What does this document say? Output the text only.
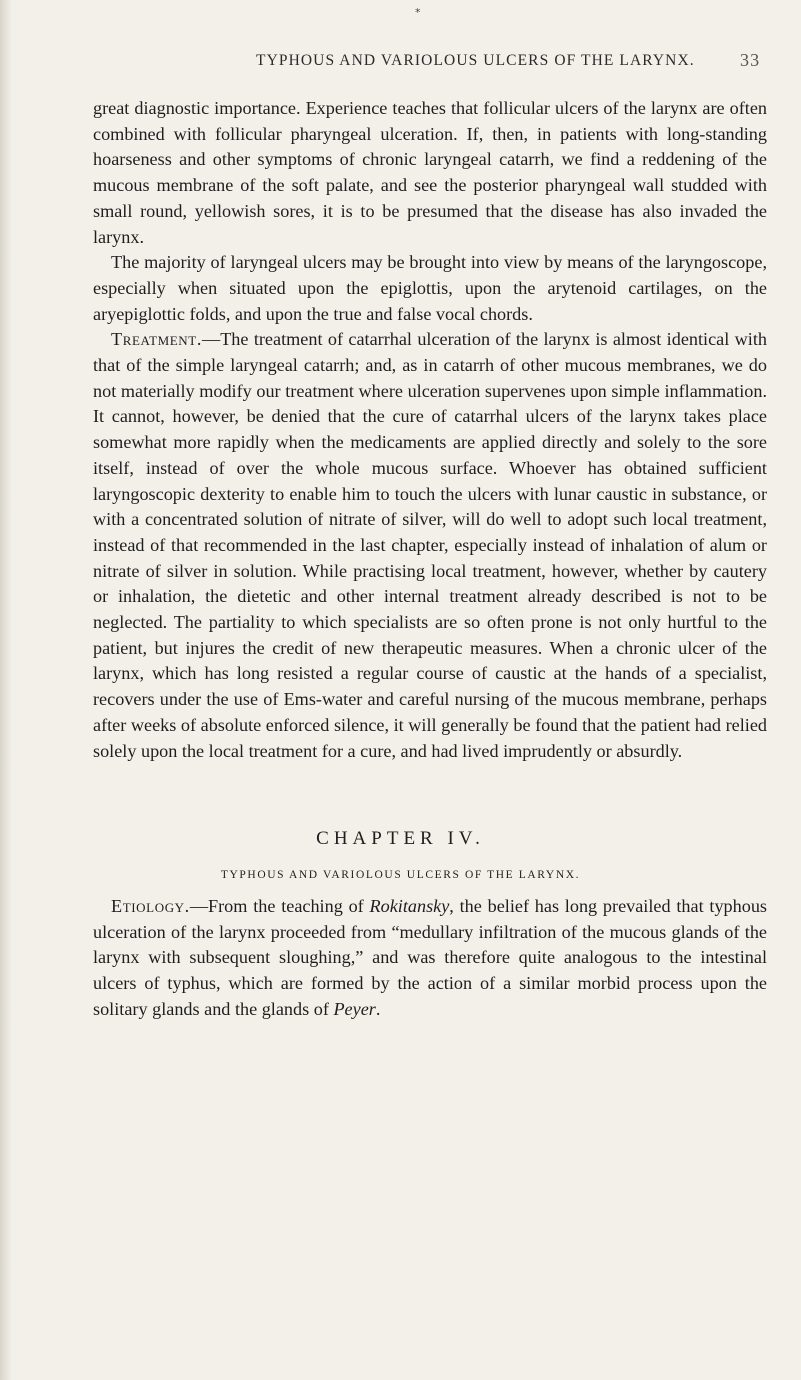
*
TYPHOUS AND VARIOLOUS ULCERS OF THE LARYNX.	33

great diagnostic importance. Experience teaches that follicular ulcers of the larynx are often combined with follicular pharyngeal ulceration. If, then, in patients with long-standing hoarseness and other symptoms of chronic laryngeal catarrh, we find a reddening of the mucous membrane of the soft palate, and see the posterior pharyngeal wall studded with small round, yellowish sores, it is to be presumed that the disease has also invaded the larynx.

The majority of laryngeal ulcers may be brought into view by means of the laryngoscope, especially when situated upon the epiglottis, upon the arytenoid cartilages, on the aryepiglottic folds, and upon the true and false vocal chords.

Treatment.—The treatment of catarrhal ulceration of the larynx is almost identical with that of the simple laryngeal catarrh; and, as in catarrh of other mucous membranes, we do not materially modify our treatment where ulceration supervenes upon simple inflammation. It cannot, however, be denied that the cure of catarrhal ulcers of the larynx takes place somewhat more rapidly when the medicaments are applied directly and solely to the sore itself, instead of over the whole mucous surface. Whoever has obtained sufficient laryngoscopic dexterity to enable him to touch the ulcers with lunar caustic in substance, or with a concentrated solution of nitrate of silver, will do well to adopt such local treatment, instead of that recommended in the last chapter, especially instead of inhalation of alum or nitrate of silver in solution. While practising local treatment, however, whether by cautery or inhalation, the dietetic and other internal treatment already described is not to be neglected. The partiality to which specialists are so often prone is not only hurtful to the patient, but injures the credit of new therapeutic measures. When a chronic ulcer of the larynx, which has long resisted a regular course of caustic at the hands of a specialist, recovers under the use of Ems-water and careful nursing of the mucous membrane, perhaps after weeks of absolute enforced silence, it will generally be found that the patient had relied solely upon the local treatment for a cure, and had lived imprudently or absurdly.

CHAPTER IV.
TYPHOUS AND VARIOLOUS ULCERS OF THE LARYNX.

Etiology.—From the teaching of Rokitansky, the belief has long prevailed that typhous ulceration of the larynx proceeded from “medullary infiltration of the mucous glands of the larynx with subsequent sloughing,” and was therefore quite analogous to the intestinal ulcers of typhus, which are formed by the action of a similar morbid process upon the solitary glands and the glands of Peyer.
